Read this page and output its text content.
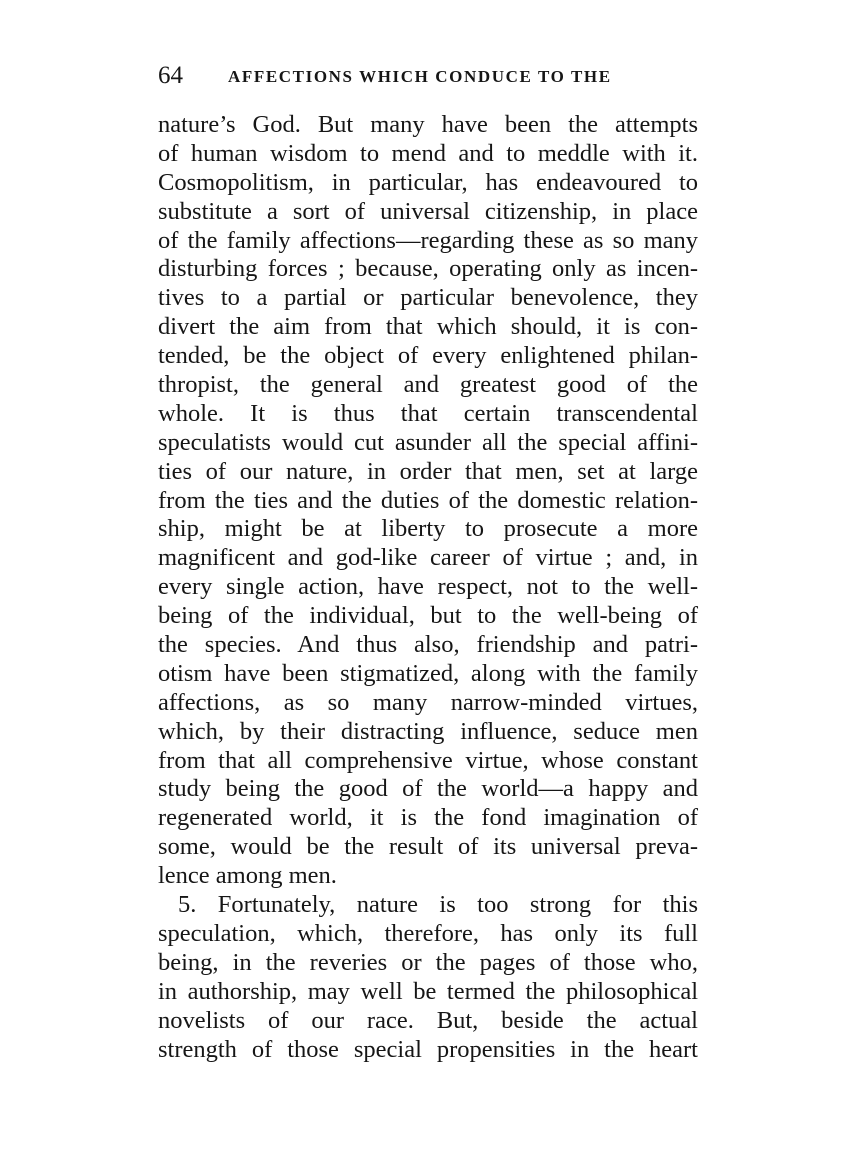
64	AFFECTIONS WHICH CONDUCE TO THE
nature’s God. But many have been the attempts
of human wisdom to mend and to meddle with it.
Cosmopolitism, in particular, has endeavoured to
substitute a sort of universal citizenship, in place
of the family affections—regarding these as so many
disturbing forces ; because, operating only as incen-
tives to a partial or particular benevolence, they
divert the aim from that which should, it is con-
tended, be the object of every enlightened philan-
thropist, the general and greatest good of the
whole. It is thus that certain transcendental
speculatists would cut asunder all the special affini-
ties of our nature, in order that men, set at large
from the ties and the duties of the domestic relation-
ship, might be at liberty to prosecute a more
magnificent and god-like career of virtue ; and, in
every single action, have respect, not to the well-
being of the individual, but to the well-being of
the species. And thus also, friendship and patri-
otism have been stigmatized, along with the family
affections, as so many narrow-minded virtues,
which, by their distracting influence, seduce men
from that all comprehensive virtue, whose constant
study being the good of the world—a happy and
regenerated world, it is the fond imagination of
some, would be the result of its universal preva-
lence among men.
5. Fortunately, nature is too strong for this
speculation, which, therefore, has only its full
being, in the reveries or the pages of those who,
in authorship, may well be termed the philosophical
novelists of our race. But, beside the actual
strength of those special propensities in the heart
